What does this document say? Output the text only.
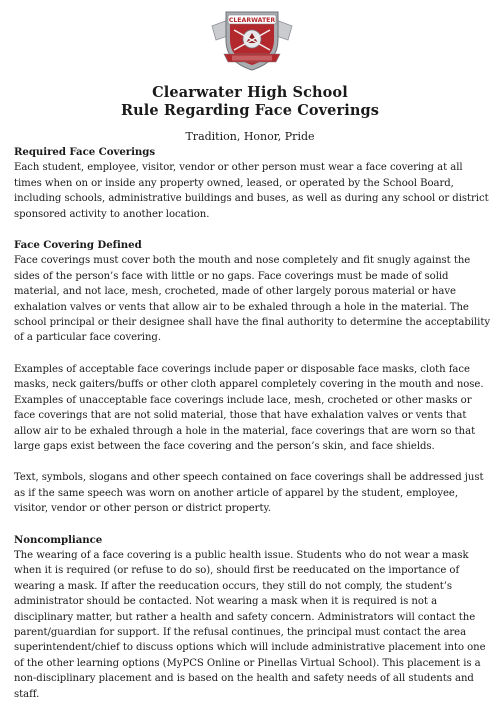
CLEARWATER
Clearwater High School
Rule Regarding Face Coverings
Tradition, Honor, Pride
Required Face Coverings

Each student, employee, visitor, vendor or other person must wear a face covering at all times when on or inside any property owned, leased, or operated by the School Board, including schools, administrative buildings and buses, as well as during any school or district sponsored activity to another location.

Face Covering Defined

Face coverings must cover both the mouth and nose completely and fit snugly against the sides of the person’s face with little or no gaps. Face coverings must be made of solid material, and not lace, mesh, crocheted, made of other largely porous material or have exhalation valves or vents that allow air to be exhaled through a hole in the material. The school principal or their designee shall have the final authority to determine the acceptability of a particular face covering.

Examples of acceptable face coverings include paper or disposable face masks, cloth face masks, neck gaiters/buffs or other cloth apparel completely covering in the mouth and nose. Examples of unacceptable face coverings include lace, mesh, crocheted or other masks or face coverings that are not solid material, those that have exhalation valves or vents that allow air to be exhaled through a hole in the material, face coverings that are worn so that large gaps exist between the face covering and the person’s skin, and face shields.

Text, symbols, slogans and other speech contained on face coverings shall be addressed just as if the same speech was worn on another article of apparel by the student, employee, visitor, vendor or other person or district property.

Noncompliance

The wearing of a face covering is a public health issue. Students who do not wear a mask when it is required (or refuse to do so), should first be reeducated on the importance of wearing a mask. If after the reeducation occurs, they still do not comply, the student’s administrator should be contacted. Not wearing a mask when it is required is not a disciplinary matter, but rather a health and safety concern. Administrators will contact the parent/guardian for support. If the refusal continues, the principal must contact the area superintendent/chief to discuss options which will include administrative placement into one of the other learning options (MyPCS Online or Pinellas Virtual School). This placement is a non-disciplinary placement and is based on the health and safety needs of all students and staff.
